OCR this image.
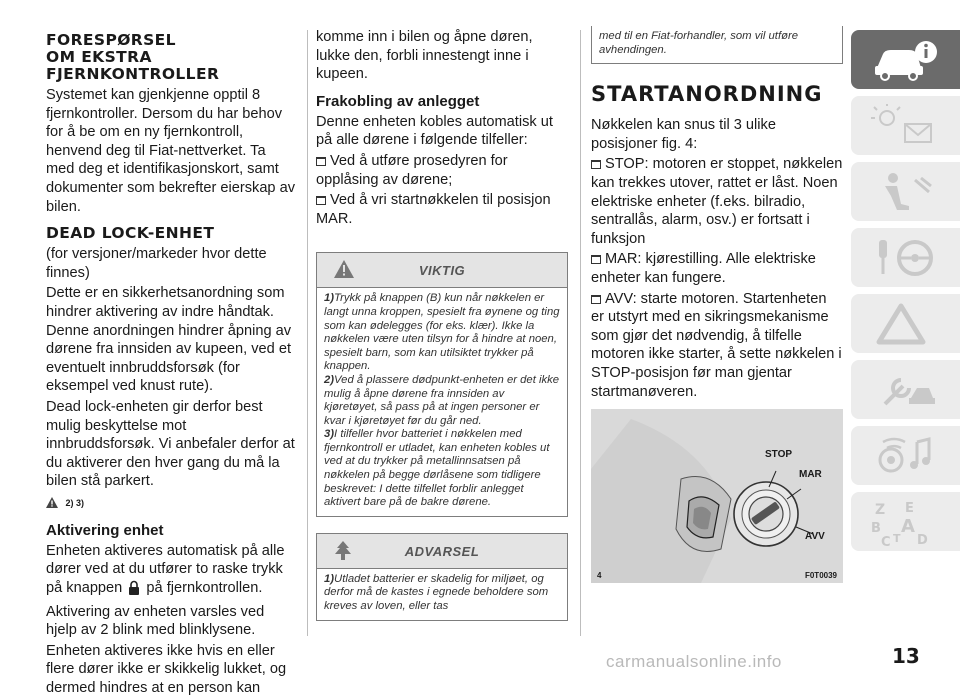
FORESPØRSEL
OM EKSTRA
FJERNKONTROLLER

Systemet kan gjenkjenne opptil 8 fjernkontroller. Dersom du har behov for å be om en ny fjernkontroll, henvend deg til Fiat-nettverket. Ta med deg et identifikasjonskort, samt dokumenter som bekrefter eierskap av bilen.

DEAD LOCK-ENHET

(for versjoner/markeder hvor dette finnes)

Dette er en sikkerhetsanordning som hindrer aktivering av indre håndtak. Denne anordningen hindrer åpning av dørene fra innsiden av kupeen, ved et eventuelt innbruddsforsøk (for eksempel ved knust rute).

Dead lock-enheten gir derfor best mulig beskyttelse mot innbruddsforsøk. Vi anbefaler derfor at du aktiverer den hver gang du må la bilen stå parkert.

2) 3)
Aktivering enhet

Enheten aktiveres automatisk på alle dører ved at du utfører to raske trykk på knappen på fjernkontrollen.

Aktivering av enheten varsles ved hjelp av 2 blink med blinklysene.

Enheten aktiveres ikke hvis en eller flere dører ikke er skikkelig lukket, og dermed hindres at en person kan

komme inn i bilen og åpne døren, lukke den, forbli innestengt inne i kupeen.

Frakobling av anlegget

Denne enheten kobles automatisk ut på alle dørene i følgende tilfeller:

Ved å utføre prosedyren for opplåsing av dørene;

Ved å vri startnøkkelen til posisjon MAR.

VIKTIG
1)Trykk på knappen (B) kun når nøkkelen er langt unna kroppen, spesielt fra øynene og ting som kan ødelegges (for eks. klær). Ikke la nøkkelen være uten tilsyn for å hindre at noen, spesielt barn, som kan utilsiktet trykker på knappen.
2)Ved å plassere dødpunkt-enheten er det ikke mulig å åpne dørene fra innsiden av kjøretøyet, så pass på at ingen personer er kvar i kjøretøyet før du går ned.
3)I tilfeller hvor batteriet i nøkkelen med fjernkontroll er utladet, kan enheten kobles ut ved at du trykker på metallinnsatsen på nøkkelen på begge dørlåsene som tidligere beskrevet: I dette tilfellet forblir anlegget aktivert bare på de bakre dørene.
ADVARSEL
1)Utladet batterier er skadelig for miljøet, og derfor må de kastes i egnede beholdere som kreves av loven, eller tas
med til en Fiat-forhandler, som vil utføre avhendingen.
STARTANORDNING

Nøkkelen kan snus til 3 ulike posisjoner fig. 4:

STOP: motoren er stoppet, nøkkelen kan trekkes utover, rattet er låst. Noen elektriske enheter (f.eks. bilradio, sentrallås, alarm, osv.) er fortsatt i funksjon

MAR: kjørestilling. Alle elektriske enheter kan fungere.

AVV: starte motoren. Startenheten er utstyrt med en sikringsmekanisme som gjør det nødvendig, å tilfelle motoren ikke starter, å sette nøkkelen i STOP-posisjon før man gjentar startmanøveren.

STOP
MAR
AVV
4	F0T0039
Z E
A
B
C T D
13
carmanualsonline.info
